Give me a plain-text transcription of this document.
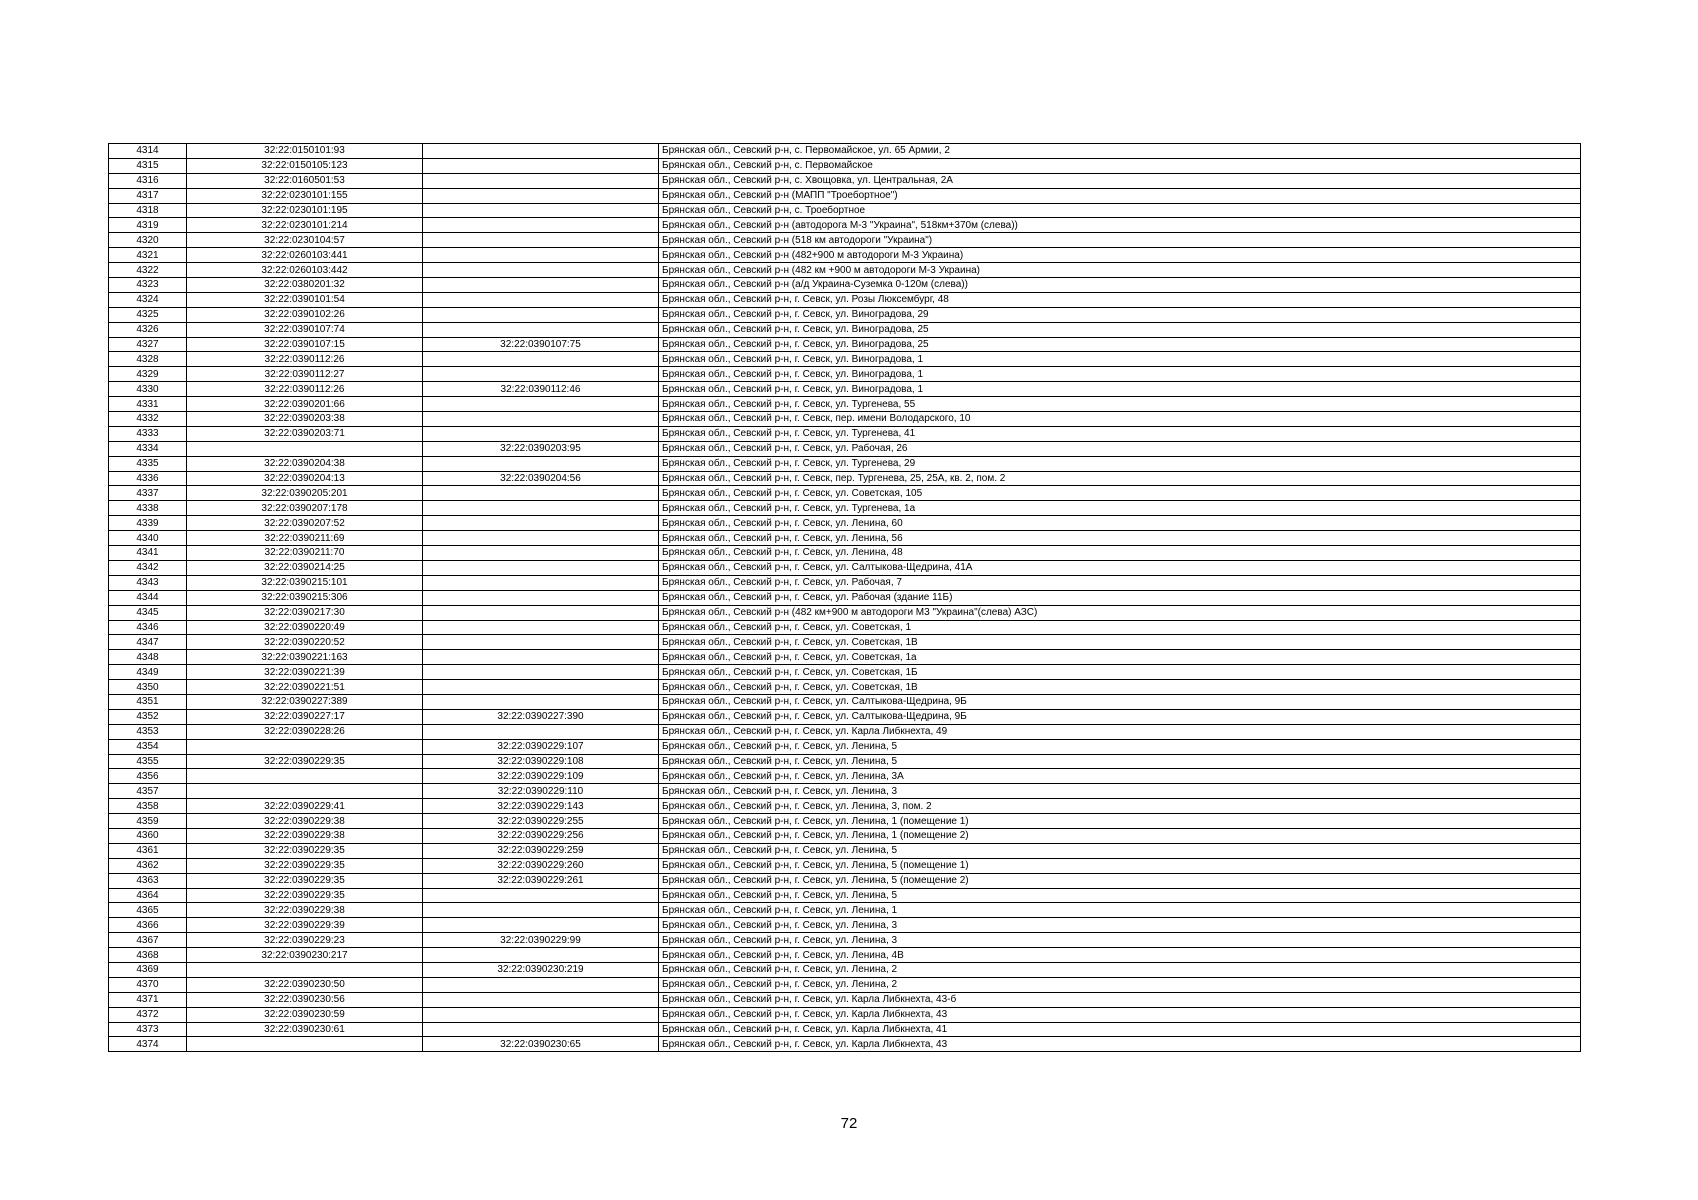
4314	32:22:0150101:93		Брянская обл., Севский р-н, с. Первомайское, ул. 65 Армии, 2
4315	32:22:0150105:123		Брянская обл., Севский р-н, с. Первомайское
4316	32:22:0160501:53		Брянская обл., Севский р-н, с. Хвощовка, ул. Центральная, 2А
4317	32:22:0230101:155		Брянская обл., Севский р-н (МАПП "Троебортное")
4318	32:22:0230101:195		Брянская обл., Севский р-н, с. Троебортное
4319	32:22:0230101:214		Брянская обл., Севский р-н (автодорога М-3 "Украина", 518км+370м (слева))
4320	32:22:0230104:57		Брянская обл., Севский р-н (518 км автодороги "Украина")
4321	32:22:0260103:441		Брянская обл., Севский р-н (482+900 м автодороги М-3 Украина)
4322	32:22:0260103:442		Брянская обл., Севский р-н (482 км +900 м автодороги М-3 Украина)
4323	32:22:0380201:32		Брянская обл., Севский р-н (а/д Украина-Суземка 0-120м (слева))
4324	32:22:0390101:54		Брянская обл., Севский р-н, г. Севск, ул. Розы Люксембург, 48
4325	32:22:0390102:26		Брянская обл., Севский р-н, г. Севск, ул. Виноградова, 29
4326	32:22:0390107:74		Брянская обл., Севский р-н, г. Севск, ул. Виноградова, 25
4327	32:22:0390107:15	32:22:0390107:75	Брянская обл., Севский р-н, г. Севск, ул. Виноградова, 25
4328	32:22:0390112:26		Брянская обл., Севский р-н, г. Севск, ул. Виноградова, 1
4329	32:22:0390112:27		Брянская обл., Севский р-н, г. Севск, ул. Виноградова, 1
4330	32:22:0390112:26	32:22:0390112:46	Брянская обл., Севский р-н, г. Севск, ул. Виноградова, 1
4331	32:22:0390201:66		Брянская обл., Севский р-н, г. Севск, ул. Тургенева, 55
4332	32:22:0390203:38		Брянская обл., Севский р-н, г. Севск, пер. имени Володарского, 10
4333	32:22:0390203:71		Брянская обл., Севский р-н, г. Севск, ул. Тургенева, 41
4334		32:22:0390203:95	Брянская обл., Севский р-н, г. Севск, ул. Рабочая, 26
4335	32:22:0390204:38		Брянская обл., Севский р-н, г. Севск, ул. Тургенева, 29
4336	32:22:0390204:13	32:22:0390204:56	Брянская обл., Севский р-н, г. Севск, пер. Тургенева, 25, 25А, кв. 2, пом. 2
4337	32:22:0390205:201		Брянская обл., Севский р-н, г. Севск, ул. Советская, 105
4338	32:22:0390207:178		Брянская обл., Севский р-н, г. Севск, ул. Тургенева, 1а
4339	32:22:0390207:52		Брянская обл., Севский р-н, г. Севск, ул. Ленина, 60
4340	32:22:0390211:69		Брянская обл., Севский р-н, г. Севск, ул. Ленина, 56
4341	32:22:0390211:70		Брянская обл., Севский р-н, г. Севск, ул. Ленина, 48
4342	32:22:0390214:25		Брянская обл., Севский р-н, г. Севск, ул. Салтыкова-Щедрина, 41А
4343	32:22:0390215:101		Брянская обл., Севский р-н, г. Севск, ул. Рабочая, 7
4344	32:22:0390215:306		Брянская обл., Севский р-н, г. Севск, ул. Рабочая (здание 11Б)
4345	32:22:0390217:30		Брянская обл., Севский р-н (482 км+900 м автодороги М3 "Украина"(слева) АЗС)
4346	32:22:0390220:49		Брянская обл., Севский р-н, г. Севск, ул. Советская, 1
4347	32:22:0390220:52		Брянская обл., Севский р-н, г. Севск, ул. Советская, 1В
4348	32:22:0390221:163		Брянская обл., Севский р-н, г. Севск, ул. Советская, 1а
4349	32:22:0390221:39		Брянская обл., Севский р-н, г. Севск, ул. Советская, 1Б
4350	32:22:0390221:51		Брянская обл., Севский р-н, г. Севск, ул. Советская, 1В
4351	32:22:0390227:389		Брянская обл., Севский р-н, г. Севск, ул. Салтыкова-Щедрина, 9Б
4352	32:22:0390227:17	32:22:0390227:390	Брянская обл., Севский р-н, г. Севск, ул. Салтыкова-Щедрина, 9Б
4353	32:22:0390228:26		Брянская обл., Севский р-н, г. Севск, ул. Карла Либкнехта, 49
4354		32:22:0390229:107	Брянская обл., Севский р-н, г. Севск, ул. Ленина, 5
4355	32:22:0390229:35	32:22:0390229:108	Брянская обл., Севский р-н, г. Севск, ул. Ленина, 5
4356		32:22:0390229:109	Брянская обл., Севский р-н, г. Севск, ул. Ленина, 3А
4357		32:22:0390229:110	Брянская обл., Севский р-н, г. Севск, ул. Ленина, 3
4358	32:22:0390229:41	32:22:0390229:143	Брянская обл., Севский р-н, г. Севск, ул. Ленина, 3, пом. 2
4359	32:22:0390229:38	32:22:0390229:255	Брянская обл., Севский р-н, г. Севск, ул. Ленина, 1 (помещение 1)
4360	32:22:0390229:38	32:22:0390229:256	Брянская обл., Севский р-н, г. Севск, ул. Ленина, 1 (помещение 2)
4361	32:22:0390229:35	32:22:0390229:259	Брянская обл., Севский р-н, г. Севск, ул. Ленина, 5
4362	32:22:0390229:35	32:22:0390229:260	Брянская обл., Севский р-н, г. Севск, ул. Ленина, 5 (помещение 1)
4363	32:22:0390229:35	32:22:0390229:261	Брянская обл., Севский р-н, г. Севск, ул. Ленина, 5 (помещение 2)
4364	32:22:0390229:35		Брянская обл., Севский р-н, г. Севск, ул. Ленина, 5
4365	32:22:0390229:38		Брянская обл., Севский р-н, г. Севск, ул. Ленина, 1
4366	32:22:0390229:39		Брянская обл., Севский р-н, г. Севск, ул. Ленина, 3
4367	32:22:0390229:23	32:22:0390229:99	Брянская обл., Севский р-н, г. Севск, ул. Ленина, 3
4368	32:22:0390230:217		Брянская обл., Севский р-н, г. Севск, ул. Ленина, 4В
4369		32:22:0390230:219	Брянская обл., Севский р-н, г. Севск, ул. Ленина, 2
4370	32:22:0390230:50		Брянская обл., Севский р-н, г. Севск, ул. Ленина, 2
4371	32:22:0390230:56		Брянская обл., Севский р-н, г. Севск, ул. Карла Либкнехта, 43-б
4372	32:22:0390230:59		Брянская обл., Севский р-н, г. Севск, ул. Карла Либкнехта, 43
4373	32:22:0390230:61		Брянская обл., Севский р-н, г. Севск, ул. Карла Либкнехта, 41
4374		32:22:0390230:65	Брянская обл., Севский р-н, г. Севск, ул. Карла Либкнехта, 43
72
